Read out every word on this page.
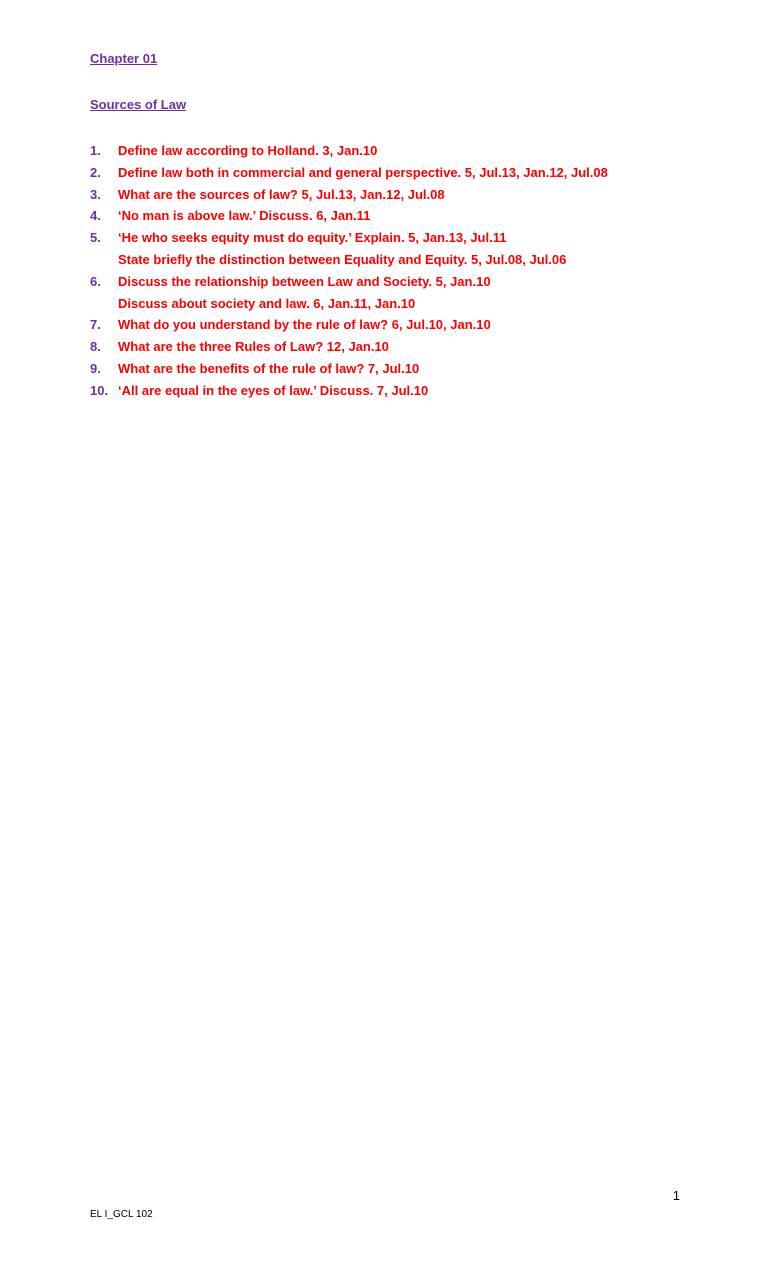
Chapter 01
Sources of Law
1. Define law according to Holland. 3, Jan.10
2. Define law both in commercial and general perspective. 5, Jul.13, Jan.12, Jul.08
3. What are the sources of law? 5, Jul.13, Jan.12, Jul.08
4. ‘No man is above law.’ Discuss. 6, Jan.11
5. ‘He who seeks equity must do equity.’ Explain. 5, Jan.13, Jul.11
State briefly the distinction between Equality and Equity. 5, Jul.08, Jul.06
6. Discuss the relationship between Law and Society. 5, Jan.10
Discuss about society and law. 6, Jan.11, Jan.10
7. What do you understand by the rule of law? 6, Jul.10, Jan.10
8. What are the three Rules of Law? 12, Jan.10
9. What are the benefits of the rule of law? 7, Jul.10
10. ‘All are equal in the eyes of law.’ Discuss. 7, Jul.10
1
EL I_GCL 102
